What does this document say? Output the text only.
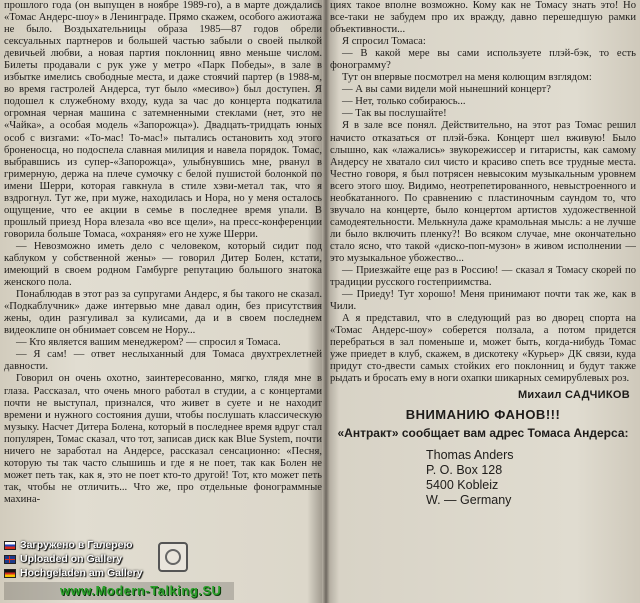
прошлого года (он выпущен в ноябре 1989-го), а в марте дождались «Томас Андерс-шоу» в Ленинграде. Прямо скажем, особого ажиотажа не было. Воздыхательницы образа 1985—87 годов обрели сексуальных партнеров и большей частью забыли о своей пылкой девичьей любви, а новая партия поклонниц явно меньше числом. Билеты продавали с рук уже у метро «Парк Победы», в зале в избытке имелись свободные места, и даже стоячий партер (в 1988-м, во время гастролей Андерса, тут было «месиво») был доступен. Я подошел к служебному входу, куда за час до концерта подкатила огромная черная машина с затемненными стеклами (нет, это не «Чайка», а особая модель «Запорожца»). Двадцать-тридцать юных особ с визгами: «То-мас! То-мас!» пытались остановить ход этого броненосца, но подоспела славная милиция и навела порядок. Томас, выбравшись из супер-«Запорожца», улыбнувшись мне, рванул в гримерную, держа на плече сумочку с белой пушистой болонкой по имени Шерри, которая гавкнула в стиле хэви-метал так, что я вздрогнул. Тут же, при муже, находилась и Нора, но у меня осталось ощущение, что ее акции в семье в последнее время упали. В прошлый приезд Нора влезала «во все щели», на пресс-конференции говорила больше Томаса, «охраняя» его не хуже Шерри.

— Невозможно иметь дело с человеком, который сидит под каблуком у собственной жены» — говорил Дитер Болен, кстати, имеющий в своем родном Гамбурге репутацию большого знатока женского пола.

Понаблюдав в этот раз за супругами Андерс, я бы такого не сказал. «Подкаблучник» даже интервью мне давал один, без присутствия жены, один разгуливал за кулисами, да и в своем последнем видеоклипе он обнимает совсем не Нору...

— Кто является вашим менеджером? — спросил я Томаса.

— Я сам! — ответ неслыханный для Томаса двухтрехлетней давности.

Говорил он очень охотно, заинтересованно, мягко, глядя мне в глаза. Рассказал, что очень много работал в студии, а с концертами почти не выступал, признался, что живет в суете и не находит времени и нужного состояния души, чтобы послушать классическую музыку. Насчет Дитера Болена, который в последнее время вдруг стал популярен, Томас сказал, что тот, записав диск как Blue System, почти ничего не заработал на Андерсе, рассказал сенсационно: «Песня, которую ты так часто слышишь и где я не поет, так как Болен не может петь так, как я, это не поет кто-то другой! Тот, кто может петь так, чтобы не отличить... Что же, про отдельные фонограммные махина-

циях такое вполне возможно. Кому как не Томасу знать это! Но все-таки не забудем про их вражду, давно перешедшую рамки объективности...

Я спросил Томаса:

— В какой мере вы сами используете плэй-бэк, то есть фонограмму?

Тут он впервые посмотрел на меня колющим взглядом:

— А вы сами видели мой нынешний концерт?

— Нет, только собираюсь...

— Так вы послушайте!

Я в зале все понял. Действительно, на этот раз Томас решил начисто отказаться от плэй-бэка. Концерт шел вживую! Было слышно, как «лажались» звукорежиссер и гитаристы, как самому Андерсу не хватало сил чисто и красиво спеть все трудные места. Честно говоря, я был потрясен невысоким музыкальным уровнем всего этого шоу. Видимо, неотрепетированного, невыстроенного и необкатанного. По сравнению с пластиночным саундом то, что звучало на концерте, было концертом артистов художественной самодеятельности. Мелькнула даже крамольная мысль: а не лучше ли было включить пленку?! Во всяком случае, мне окончательно стало ясно, что такой «диско-поп-музон» в живом исполнении — это музыкальное убожество...

— Приезжайте еще раз в Россию! — сказал я Томасу скорей по традиции русского гостеприимства.

— Приеду! Тут хорошо! Меня принимают почти так же, как в Чили.

А я представил, что в следующий раз во дворец спорта на «Томас Андерс-шоу» соберется ползала, а потом придется перебраться в зал поменьше и, может быть, когда-нибудь Томас уже приедет в клуб, скажем, в дискотеку «Курьер» ДК связи, куда придут сто-двести самых стойких его поклонниц и будут также рыдать и бросать ему в ноги охапки шикарных семирублевых роз.

Михаил САДЧИКОВ

ВНИМАНИЮ ФАНОВ!!!

«Антракт» сообщает вам адрес Томаса Андерса:

Thomas Anders

P. O. Box 128

5400 Kobleiz

W. — Germany

Загружено в Галерею
Uploaded on Gallery
Hochgeladen am Gallery
www.Modern-Talking.SU
